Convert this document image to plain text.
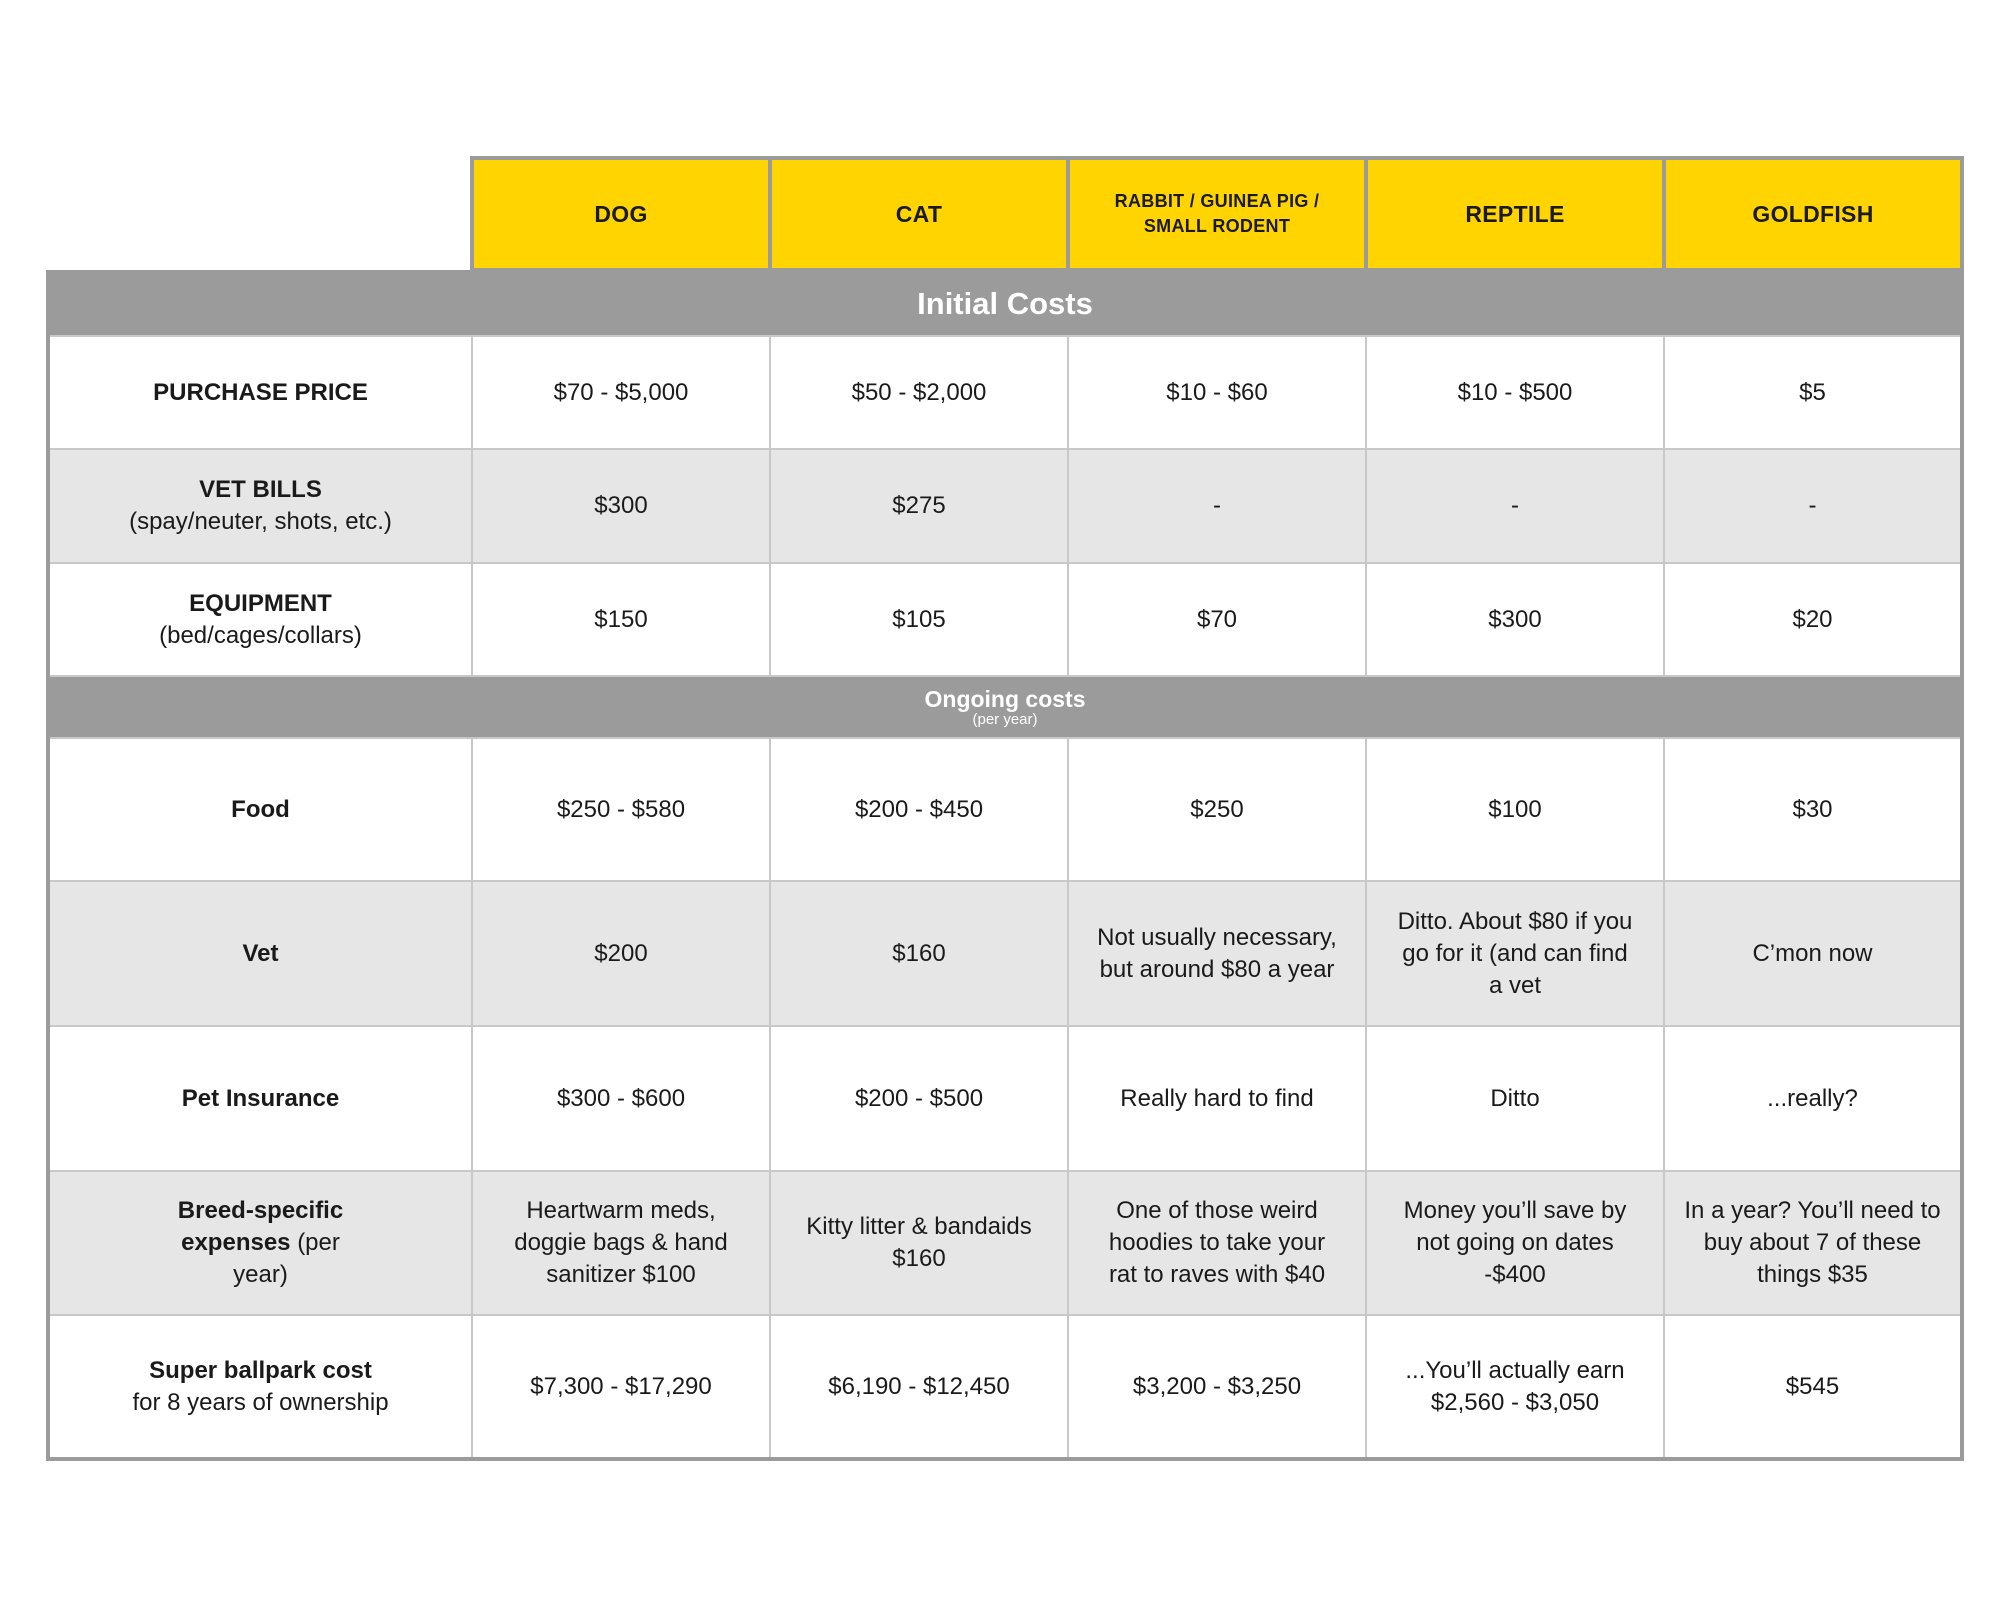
	DOG	CAT	RABBIT / GUINEA PIG / SMALL RODENT	REPTILE	GOLDFISH
Initial Costs					

PURCHASE PRICE	$70 - $5,000	$50 - $2,000	$10 - $60	$10 - $500	$5

VET BILLS
(spay/neuter, shots, etc.)	$300	$275	-	-	-

EQUIPMENT
(bed/cages/collars)	$150	$105	$70	$300	$20
Ongoing costs
(per year)					

Food	$250 - $580	$200 - $450	$250	$100	$30

Vet	$200	$160	Not usually necessary, but around $80 a year	Ditto. About $80 if you go for it (and can find a vet	C’mon now

Pet Insurance	$300 - $600	$200 - $500	Really hard to find	Ditto	...really?
Breed-specific expenses (per year)	Heartwarm meds, doggie bags & hand sanitizer $100	Kitty litter & bandaids $160	One of those weird hoodies to take your rat to raves with $40	Money you’ll save by not going on dates -$400	In a year? You’ll need to buy about 7 of these things $35

Super ballpark cost
for 8 years of ownership	$7,300 - $17,290	$6,190 - $12,450	$3,200 - $3,250	...You’ll actually earn $2,560 - $3,050	$545
